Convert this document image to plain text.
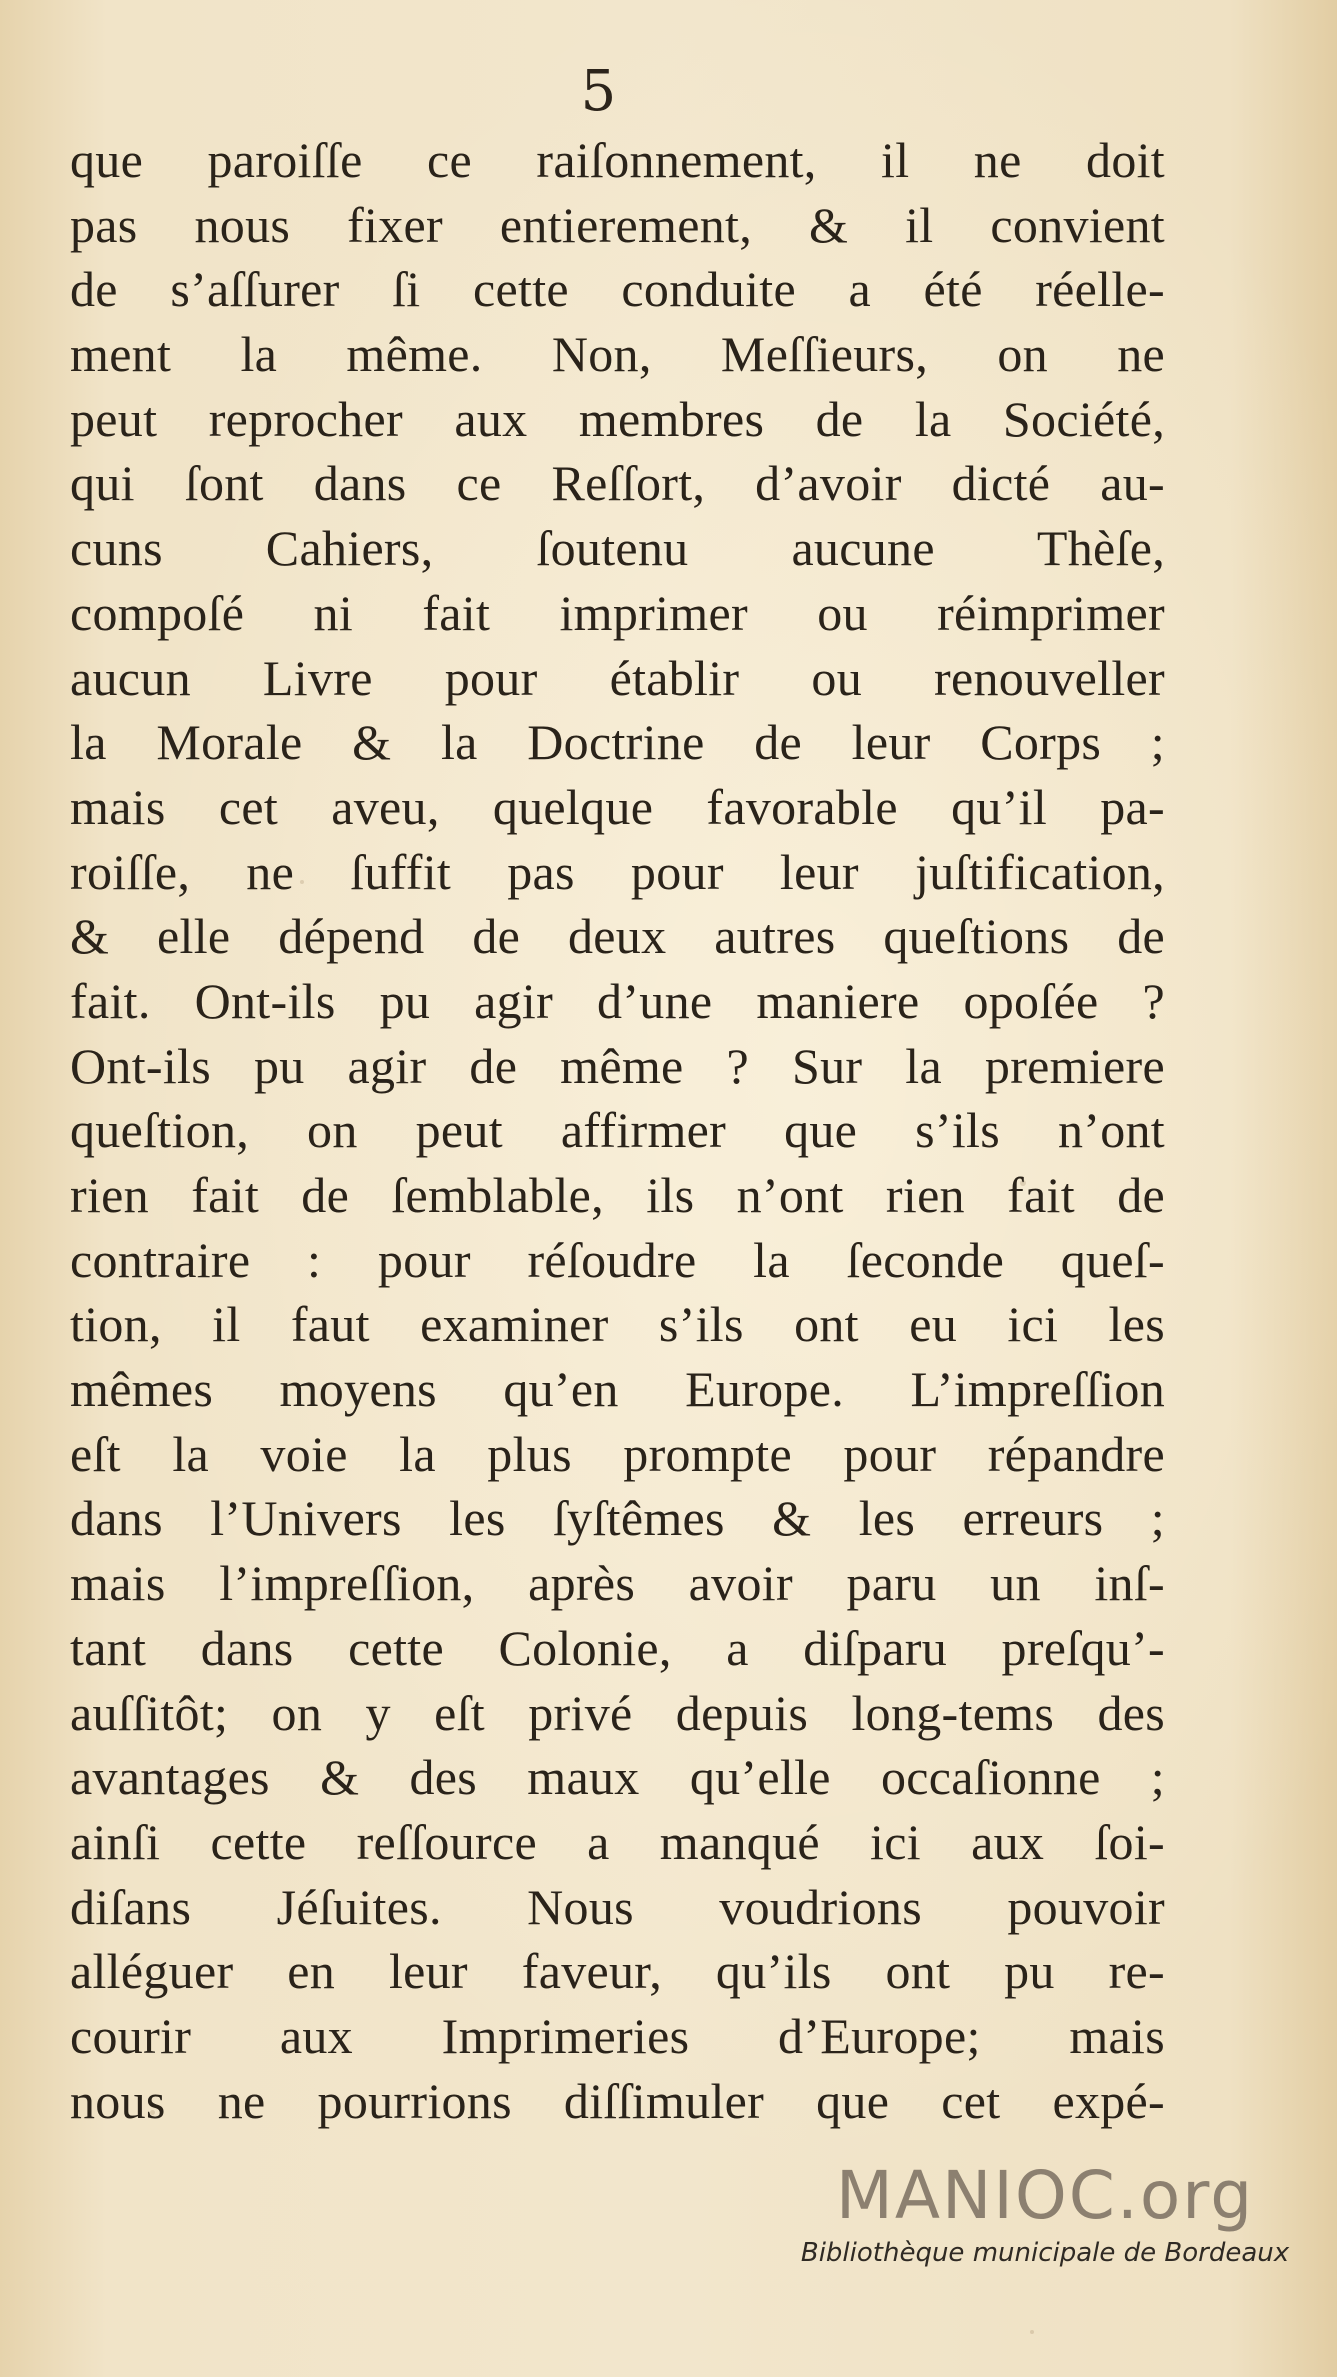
5
que paroiſſe ce raiſonnement, il ne doit
pas nous fixer entierement, & il convient
de s’aſſurer ſi cette conduite a été réelle-
ment la même. Non, Meſſieurs, on ne
peut reprocher aux membres de la Société,
qui ſont dans ce Reſſort, d’avoir dicté au-
cuns Cahiers, ſoutenu aucune Thèſe,
compoſé ni fait imprimer ou réimprimer
aucun Livre pour établir ou renouveller
la Morale & la Doctrine de leur Corps ;
mais cet aveu, quelque favorable qu’il pa-
roiſſe, ne ſuffit pas pour leur juſtification,
& elle dépend de deux autres queſtions de
fait. Ont-ils pu agir d’une maniere opoſée ?
Ont-ils pu agir de même ? Sur la premiere
queſtion, on peut affirmer que s’ils n’ont
rien fait de ſemblable, ils n’ont rien fait de
contraire : pour réſoudre la ſeconde queſ-
tion, il faut examiner s’ils ont eu ici les
mêmes moyens qu’en Europe. L’impreſſion
eſt la voie la plus prompte pour répandre
dans l’Univers les ſyſtêmes & les erreurs ;
mais l’impreſſion, après avoir paru un inſ-
tant dans cette Colonie, a diſparu preſqu’-
auſſitôt; on y eſt privé depuis long-tems des
avantages & des maux qu’elle occaſionne ;
ainſi cette reſſource a manqué ici aux ſoi-
diſans Jéſuites. Nous voudrions pouvoir
alléguer en leur faveur, qu’ils ont pu re-
courir aux Imprimeries d’Europe; mais
nous ne pourrions diſſimuler que cet expé-
MANIOC.org
Bibliothèque municipale de Bordeaux
